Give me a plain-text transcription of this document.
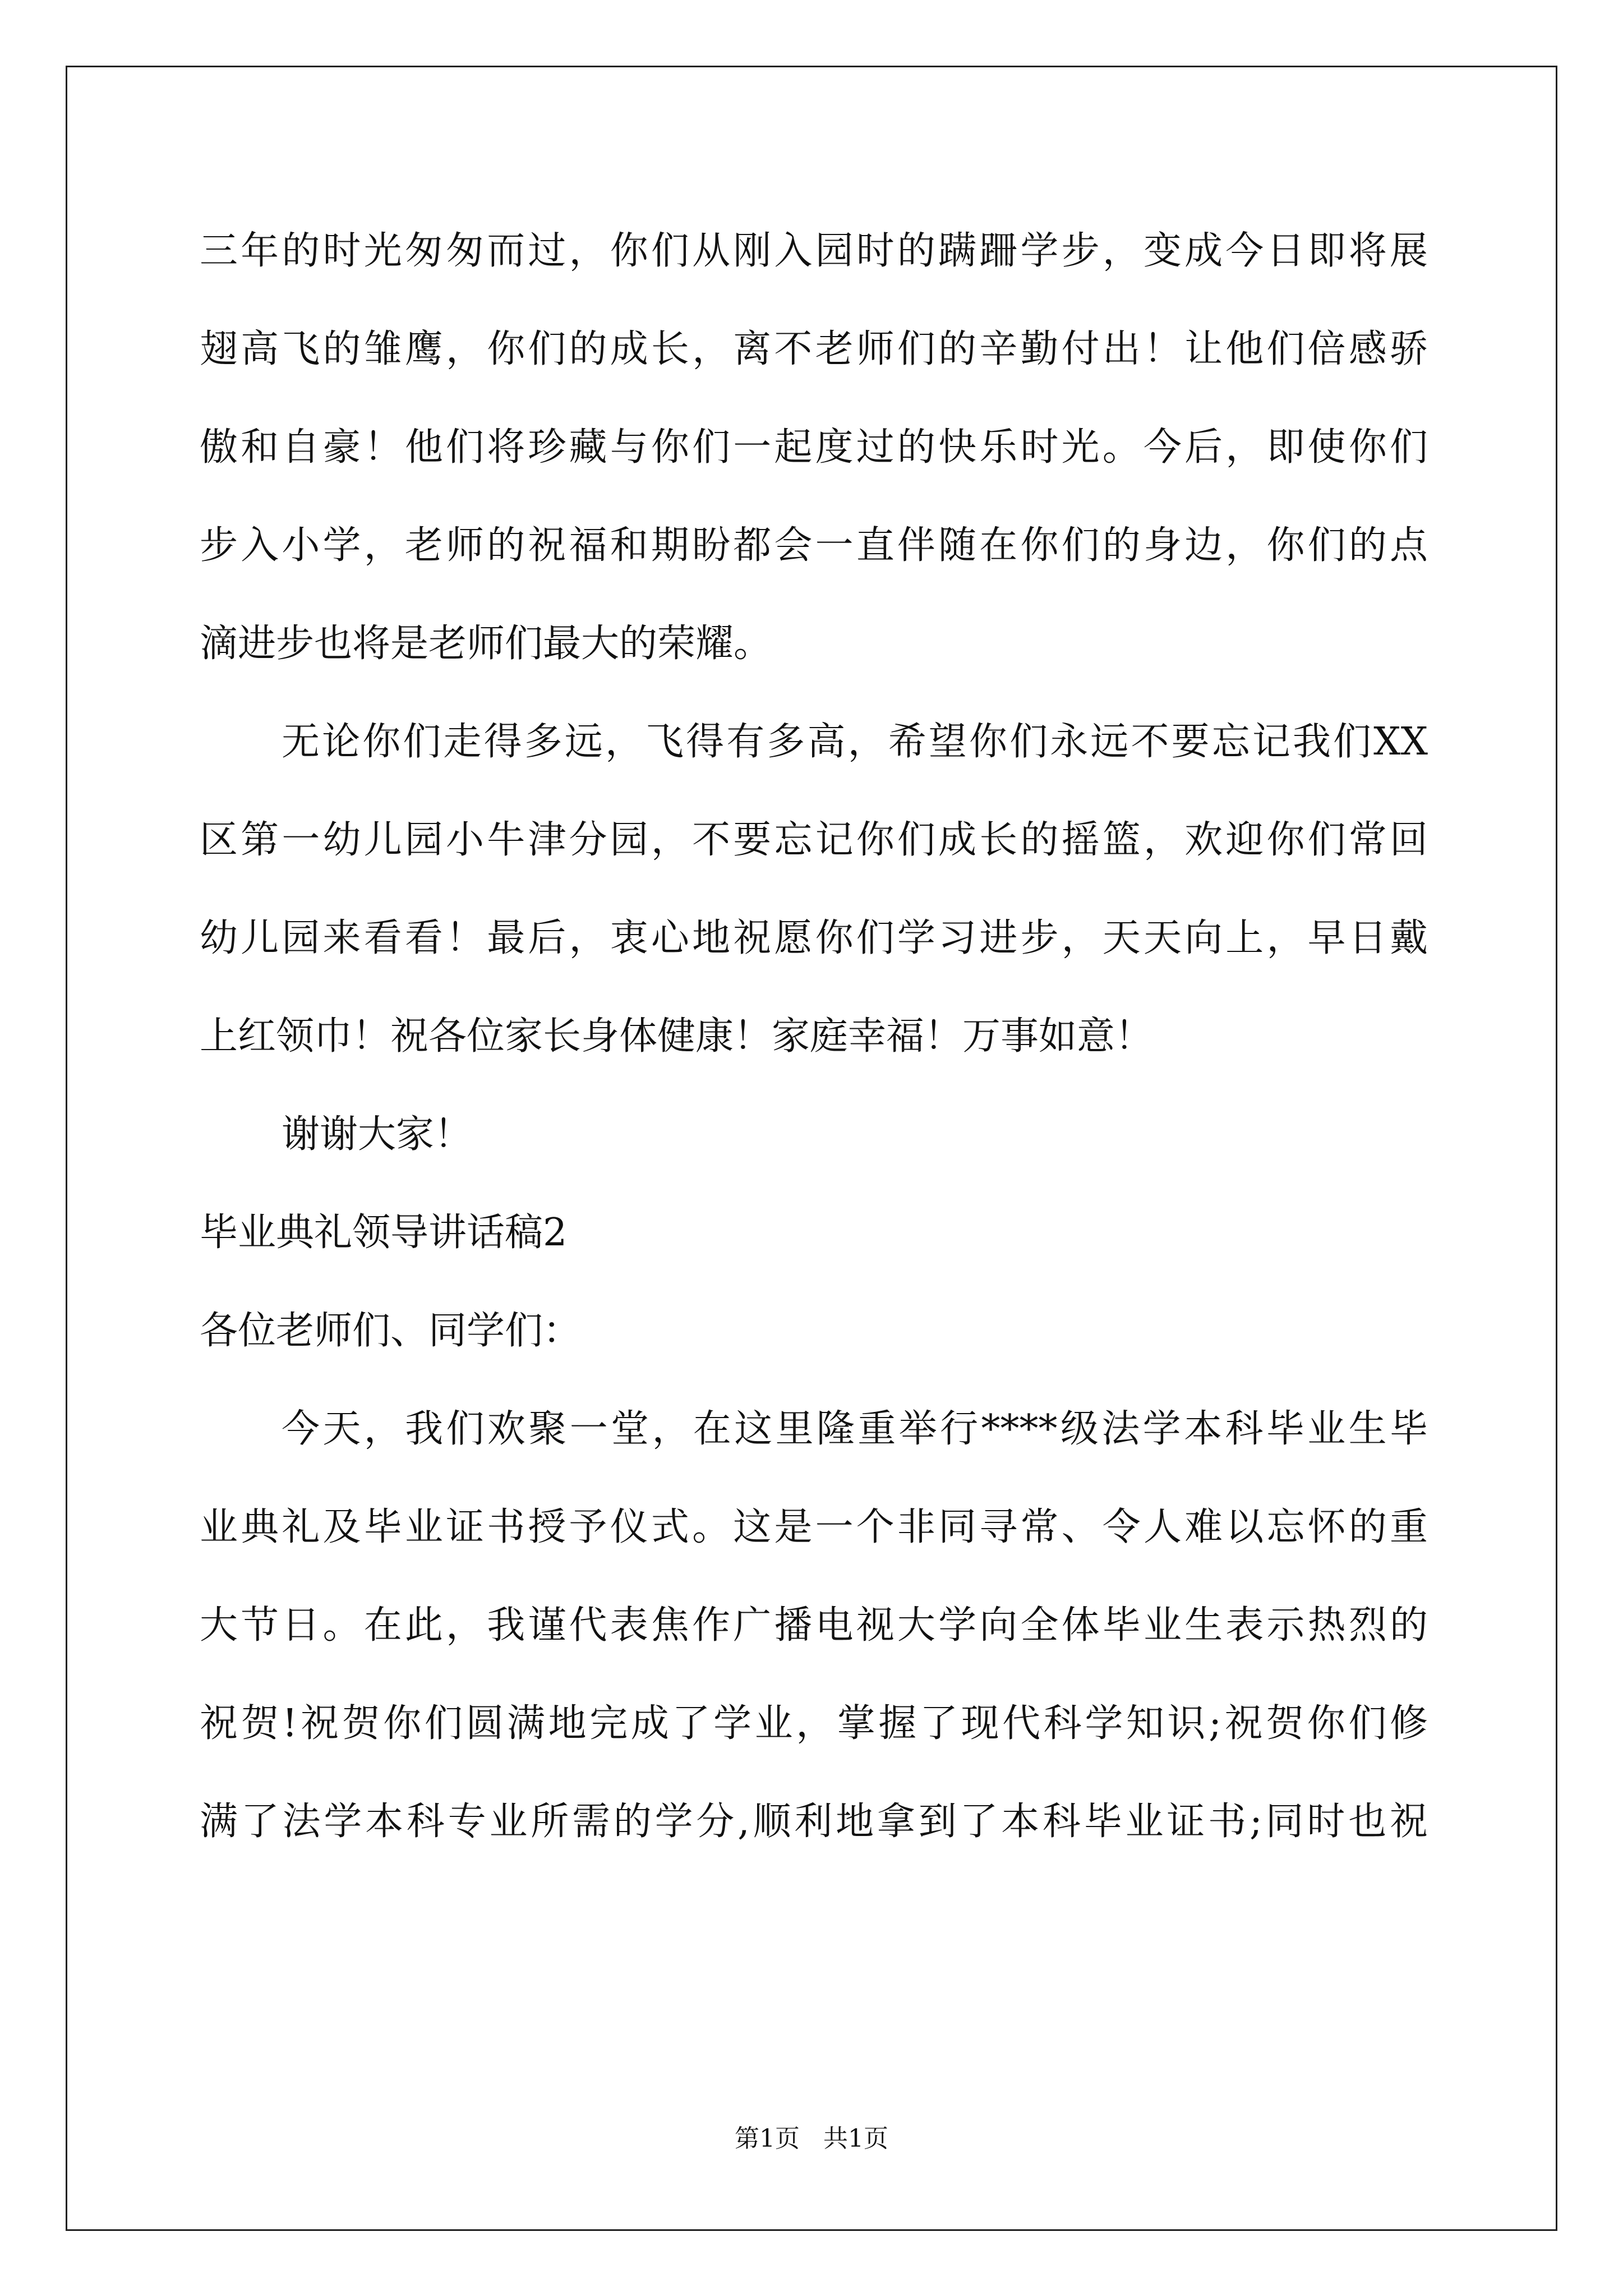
三年的时光匆匆而过，你们从刚入园时的蹒跚学步，变成今日即将展
翅高飞的雏鹰，你们的成长，离不老师们的辛勤付出！让他们倍感骄
傲和自豪！他们将珍藏与你们一起度过的快乐时光。今后，即使你们
步入小学，老师的祝福和期盼都会一直伴随在你们的身边，你们的点
滴进步也将是老师们最大的荣耀。
无论你们走得多远，飞得有多高，希望你们永远不要忘记我们XX
区第一幼儿园小牛津分园，不要忘记你们成长的摇篮，欢迎你们常回
幼儿园来看看！最后，衷心地祝愿你们学习进步，天天向上，早日戴
上红领巾！祝各位家长身体健康！家庭幸福！万事如意！
谢谢大家！
毕业典礼领导讲话稿2
各位老师们、同学们：
今天，我们欢聚一堂，在这里隆重举行****级法学本科毕业生毕
业典礼及毕业证书授予仪式。这是一个非同寻常、令人难以忘怀的重
大节日。在此，我谨代表焦作广播电视大学向全体毕业生表示热烈的
祝贺!祝贺你们圆满地完成了学业，掌握了现代科学知识;祝贺你们修
满了法学本科专业所需的学分,顺利地拿到了本科毕业证书;同时也祝
第1页   共1页
